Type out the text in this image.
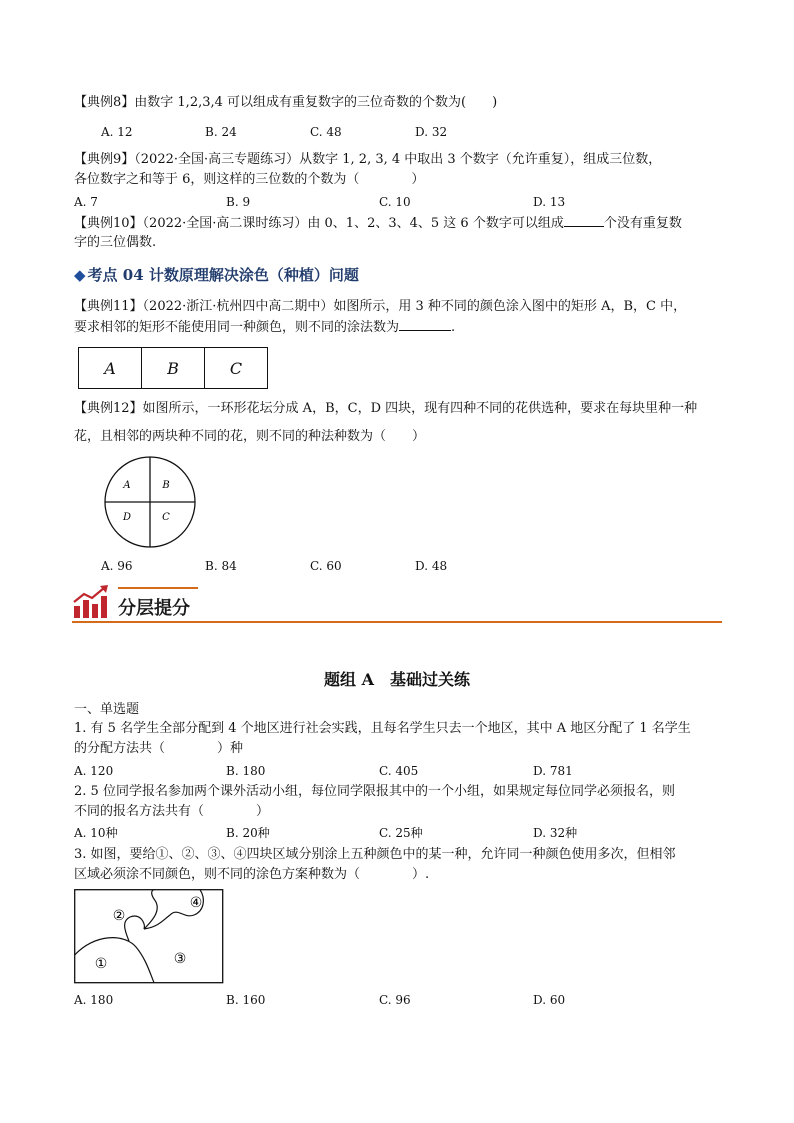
【典例8】由数字 1,2,3,4 可以组成有重复数字的三位奇数的个数为(　　)
A. 12	B. 24	C. 48	D. 32
【典例9】（2022·全国·高三专题练习）从数字 1, 2, 3, 4 中取出 3 个数字（允许重复），组成三位数，
各位数字之和等于 6，则这样的三位数的个数为（　　　　）
A. 7	B. 9	C. 10	D. 13
【典例10】（2022·全国·高二课时练习）由 0、1、2、3、4、5 这 6 个数字可以组成	个没有重复数
字的三位偶数.
◆ 考点 04 计数原理解决涂色（种植）问题
【典例11】（2022·浙江·杭州四中高二期中）如图所示，用 3 种不同的颜色涂入图中的矩形 A，B，C 中，
要求相邻的矩形不能使用同一种颜色，则不同的涂法数为	.
A	B	C
【典例12】如图所示，一环形花坛分成 A，B，C，D 四块，现有四种不同的花供选种，要求在每块里种一种
花，且相邻的两块种不同的花，则不同的种法种数为（　　）
A	B
D	C
A. 96	B. 84	C. 60	D. 48
分层提分
题组 A　基础过关练
一、单选题
1. 有 5 名学生全部分配到 4 个地区进行社会实践，且每名学生只去一个地区，其中 A 地区分配了 1 名学生
的分配方法共（　　　　）种
A. 120	B. 180	C. 405	D. 781
2. 5 位同学报名参加两个课外活动小组，每位同学限报其中的一个小组，如果规定每位同学必须报名，则
不同的报名方法共有（　　　　）
A. 10种	B. 20种	C. 25种	D. 32种
3. 如图，要给①、②、③、④四块区域分别涂上五种颜色中的某一种，允许同一种颜色使用多次，但相邻
区域必须涂不同颜色，则不同的涂色方案种数为（　　　　）.
①
②
③
④
A. 180	B. 160	C. 96	D. 60
